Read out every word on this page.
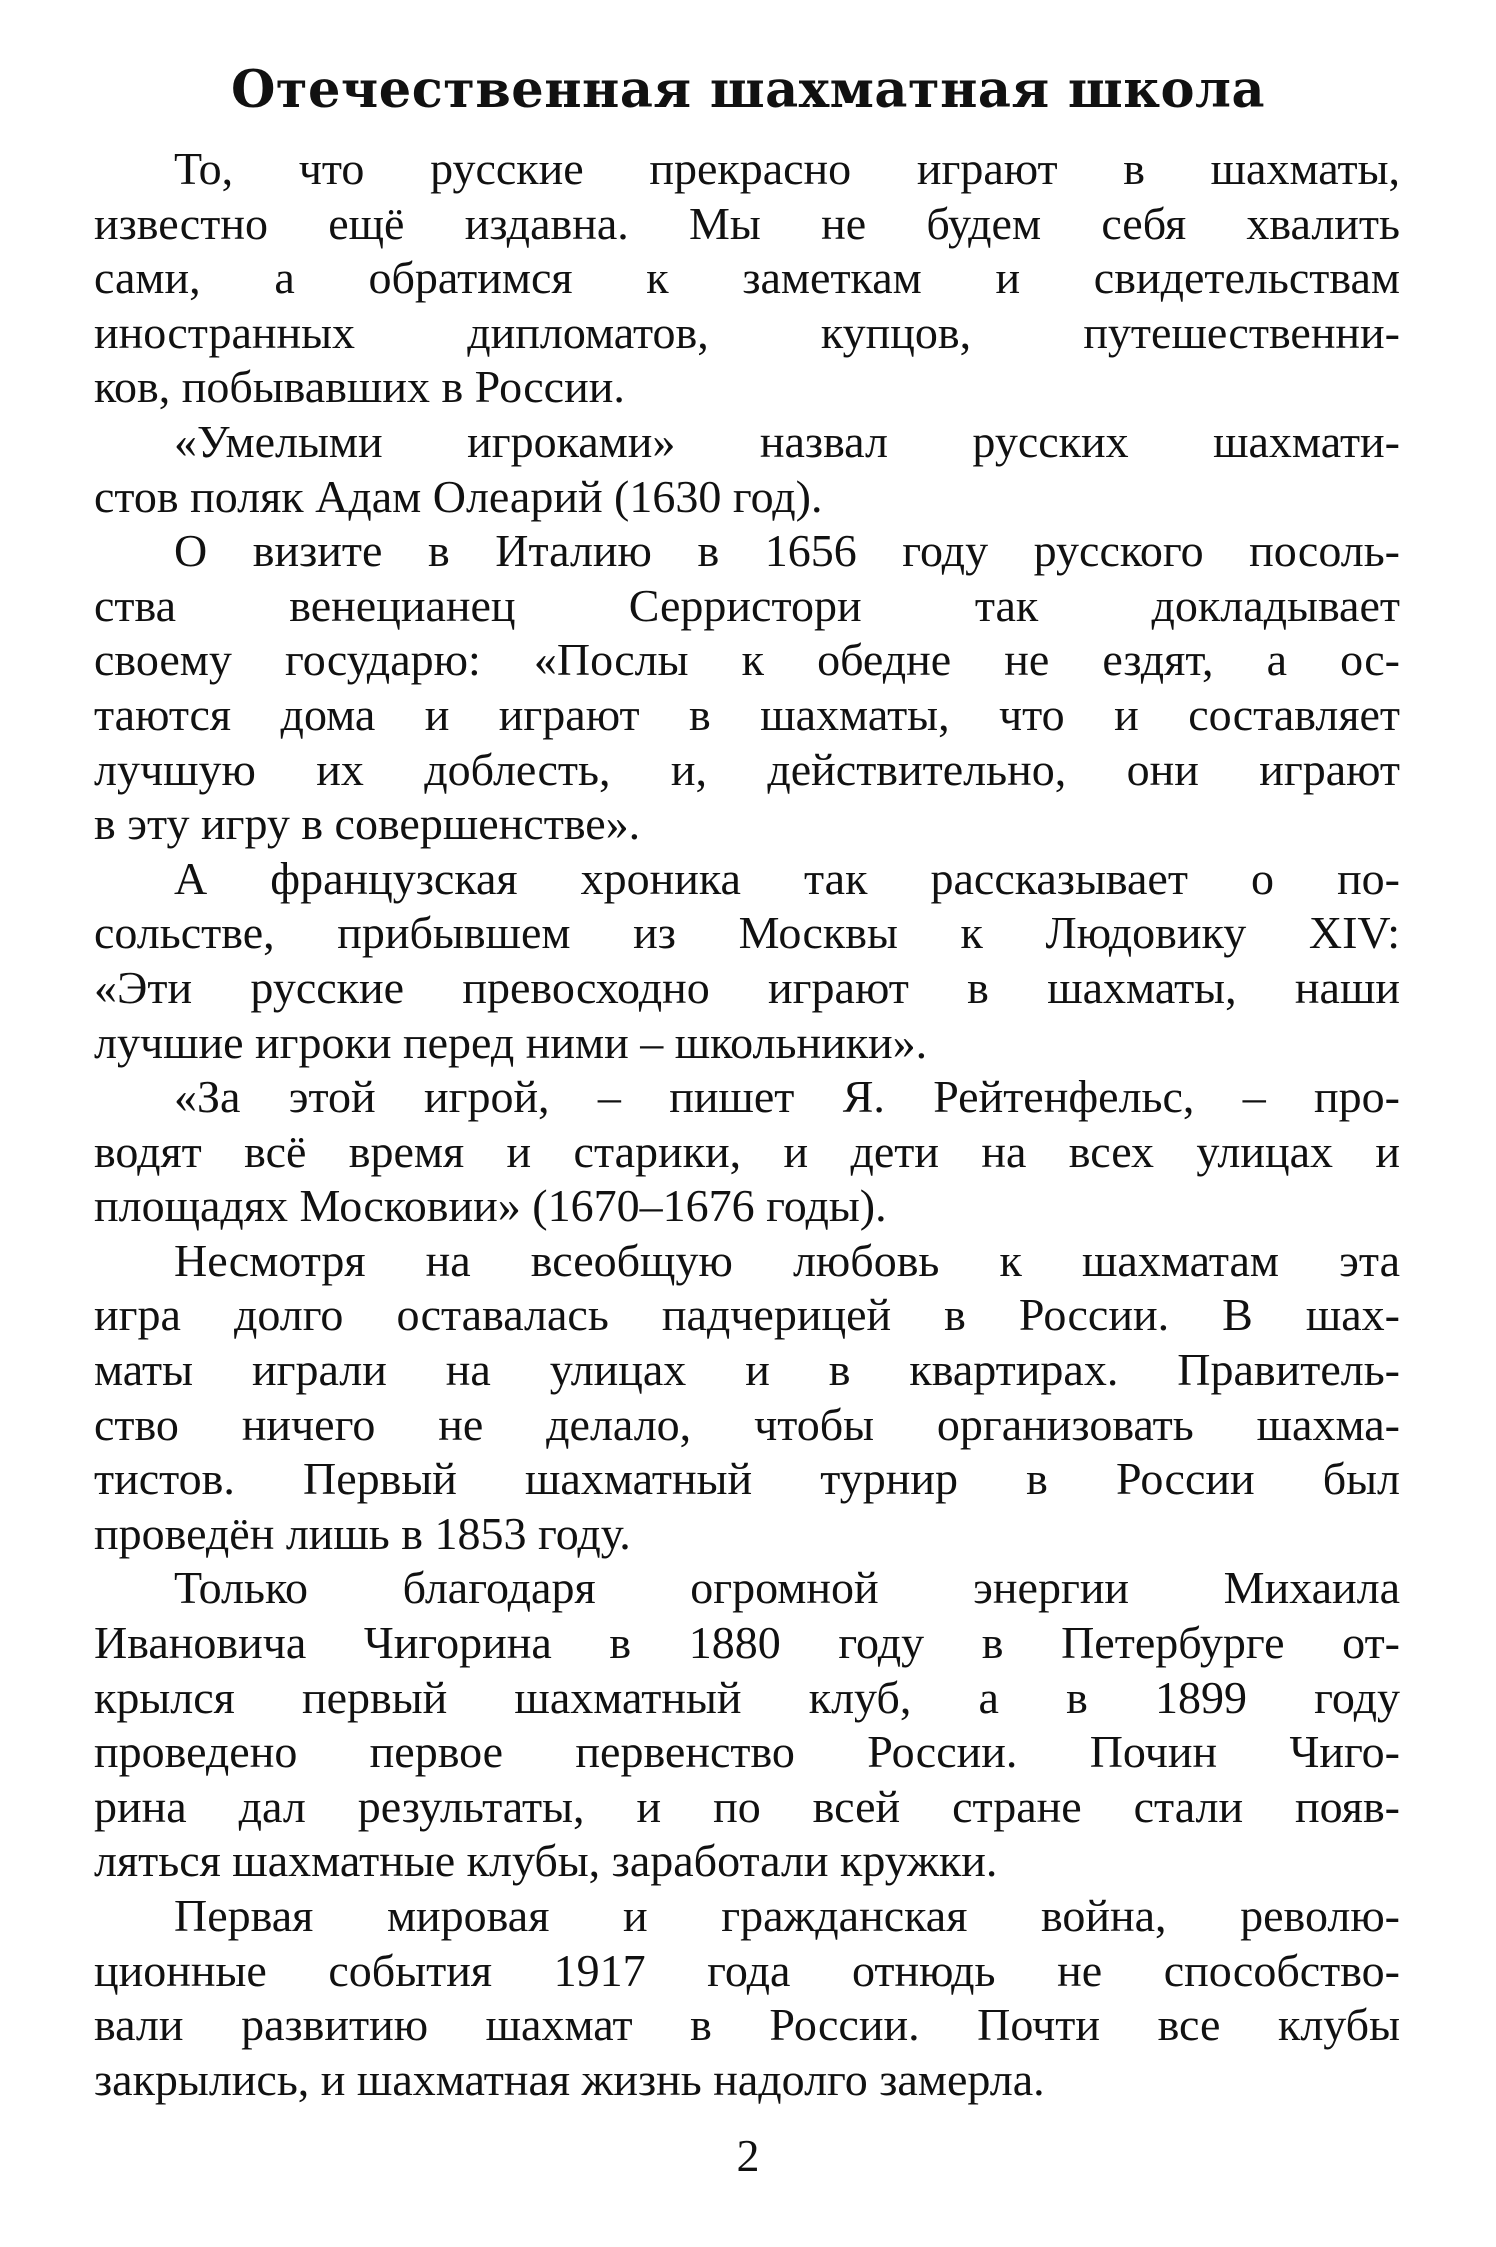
Отечественная шахматная школа
То, что русские прекрасно играют в шахматы,
известно ещё издавна. Мы не будем себя хвалить
сами, а обратимся к заметкам и свидетельствам
иностранных дипломатов, купцов, путешественни-
ков, побывавших в России.
«Умелыми игроками» назвал русских шахмати-
стов поляк Адам Олеарий (1630 год).
О визите в Италию в 1656 году русского посоль-
ства венецианец Серристори так докладывает
своему государю: «Послы к обедне не ездят, а ос-
таются дома и играют в шахматы, что и составляет
лучшую их доблесть, и, действительно, они играют
в эту игру в совершенстве».
А французская хроника так рассказывает о по-
сольстве, прибывшем из Москвы к Людовику XIV:
«Эти русские превосходно играют в шахматы, наши
лучшие игроки перед ними – школьники».
«За этой игрой, – пишет Я. Рейтенфельс, – про-
водят всё время и старики, и дети на всех улицах и
площадях Московии» (1670–1676 годы).
Несмотря на всеобщую любовь к шахматам эта
игра долго оставалась падчерицей в России. В шах-
маты играли на улицах и в квартирах. Правитель-
ство ничего не делало, чтобы организовать шахма-
тистов. Первый шахматный турнир в России был
проведён лишь в 1853 году.
Только благодаря огромной энергии Михаила
Ивановича Чигорина в 1880 году в Петербурге от-
крылся первый шахматный клуб, а в 1899 году
проведено первое первенство России. Почин Чиго-
рина дал результаты, и по всей стране стали появ-
ляться шахматные клубы, заработали кружки.
Первая мировая и гражданская война, револю-
ционные события 1917 года отнюдь не способство-
вали развитию шахмат в России. Почти все клубы
закрылись, и шахматная жизнь надолго замерла.
2
